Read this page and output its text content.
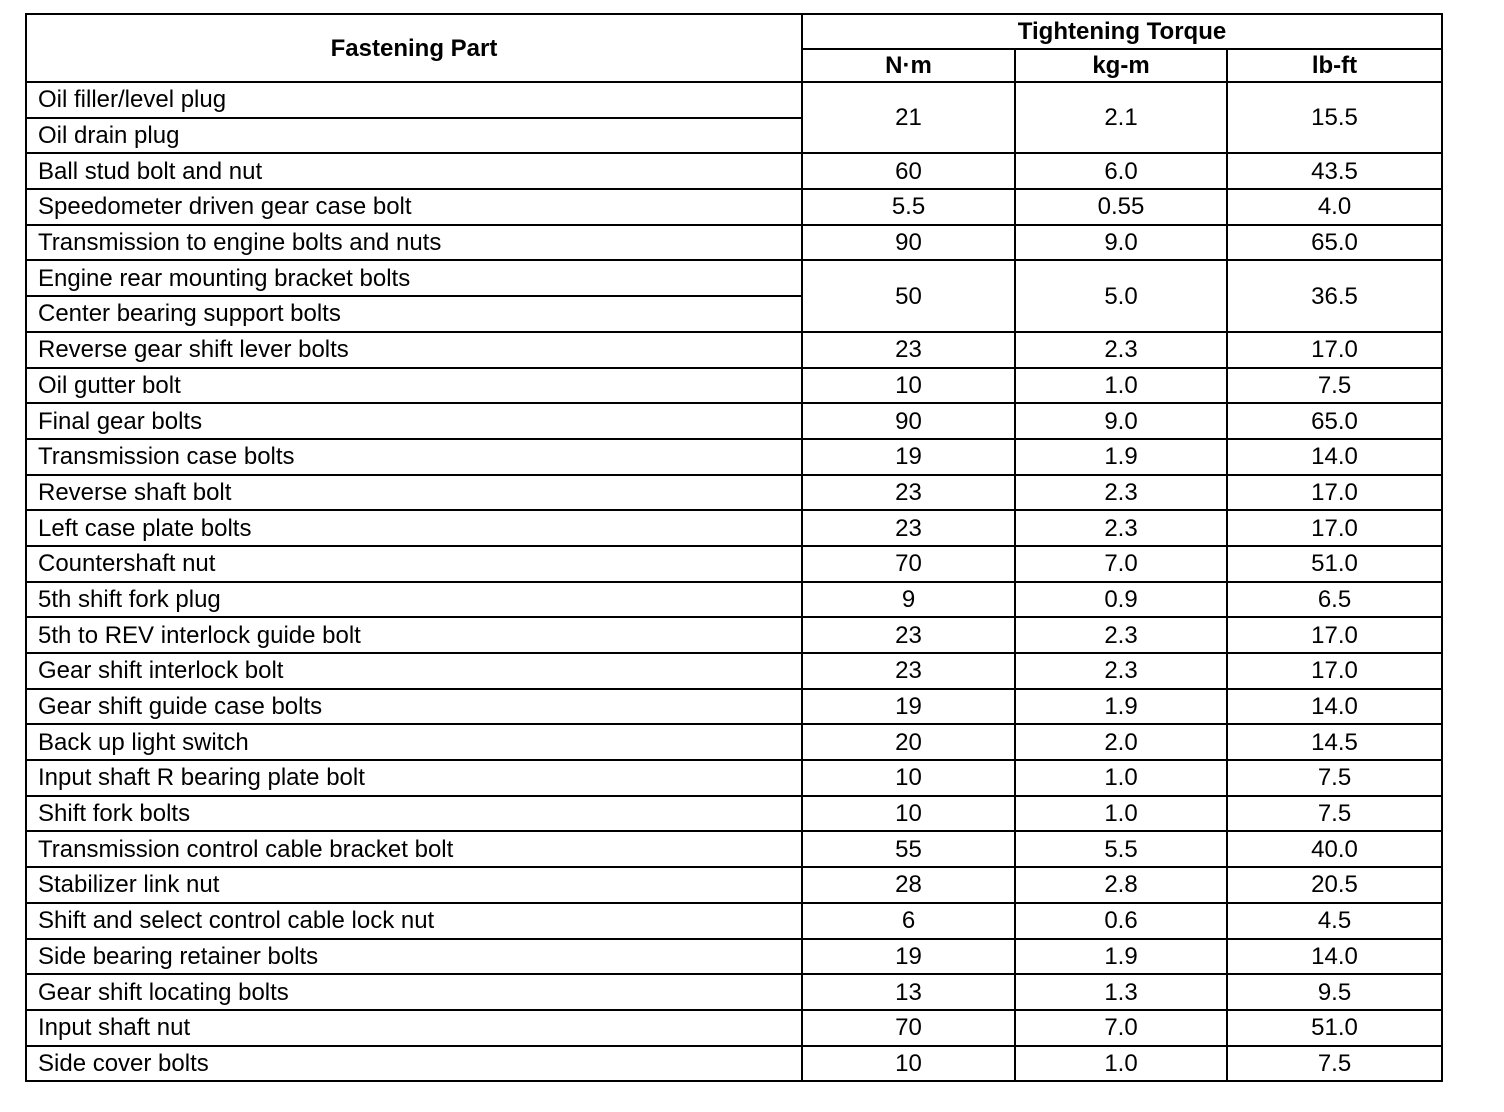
Fastening Part	Tightening Torque		
	N·m	kg-m	lb-ft
Oil filler/level plug	21	2.1	15.5
Oil drain plug			
Ball stud bolt and nut	60	6.0	43.5
Speedometer driven gear case bolt	5.5	0.55	4.0
Transmission to engine bolts and nuts	90	9.0	65.0
Engine rear mounting bracket bolts	50	5.0	36.5
Center bearing support bolts			
Reverse gear shift lever bolts	23	2.3	17.0
Oil gutter bolt	10	1.0	7.5
Final gear bolts	90	9.0	65.0
Transmission case bolts	19	1.9	14.0
Reverse shaft bolt	23	2.3	17.0
Left case plate bolts	23	2.3	17.0
Countershaft nut	70	7.0	51.0
5th shift fork plug	9	0.9	6.5
5th to REV interlock guide bolt	23	2.3	17.0
Gear shift interlock bolt	23	2.3	17.0
Gear shift guide case bolts	19	1.9	14.0
Back up light switch	20	2.0	14.5
Input shaft R bearing plate bolt	10	1.0	7.5
Shift fork bolts	10	1.0	7.5
Transmission control cable bracket bolt	55	5.5	40.0
Stabilizer link nut	28	2.8	20.5
Shift and select control cable lock nut	6	0.6	4.5
Side bearing retainer bolts	19	1.9	14.0
Gear shift locating bolts	13	1.3	9.5
Input shaft nut	70	7.0	51.0
Side cover bolts	10	1.0	7.5
